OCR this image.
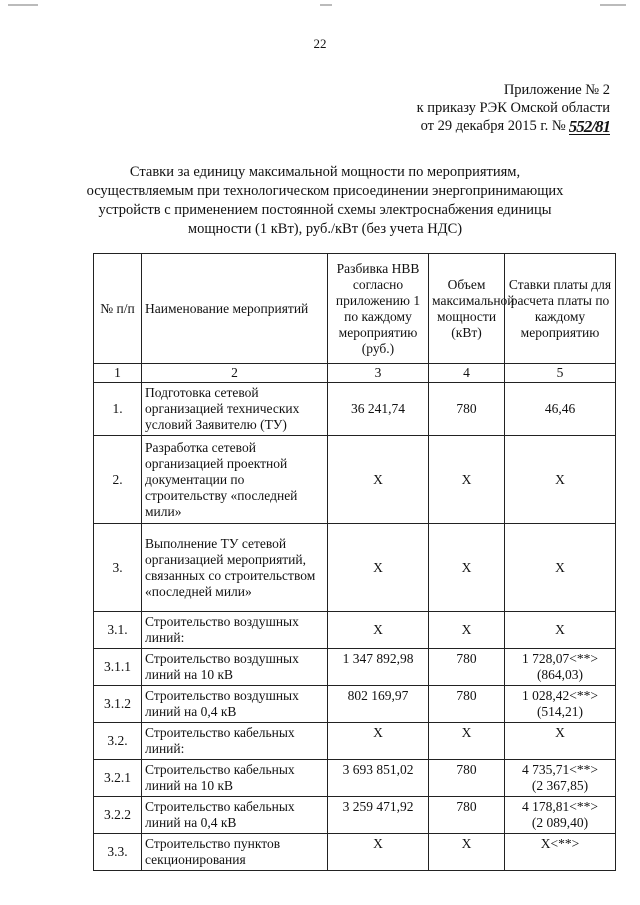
22
Приложение № 2
к приказу РЭК Омской области
от 29 декабря 2015 г. № 552/81
Ставки за единицу максимальной мощности по мероприятиям, осуществляемым при технологическом присоединении энергопринимающих устройств с применением постоянной схемы электроснабжения единицы мощности (1 кВт), руб./кВт (без учета НДС)
№ п/п	Наименование мероприятий	Разбивка НВВ согласно приложению 1 по каждому мероприятию (руб.)	Объем максимальной мощности (кВт)	Ставки платы для расчета платы по каждому мероприятию
1	2	3	4	5
1.	Подготовка сетевой организацией технических условий Заявителю (ТУ)	36 241,74	780	46,46

2.	Разработка сетевой организацией проектной документации по строительству «последней мили»	X	X	X

3.	Выполнение ТУ сетевой организацией мероприятий, связанных со строительством «последней мили»	X	X	X

3.1.	Строительство воздушных линий:	X	X	X

3.1.1	Строительство воздушных линий на 10 кВ	1 347 892,98	780	1 728,07<**>
(864,03)

3.1.2	Строительство воздушных линий на 0,4 кВ	802 169,97	780	1 028,42<**>
(514,21)

3.2.	Строительство кабельных линий:	X	X	X

3.2.1	Строительство кабельных линий на 10 кВ	3 693 851,02	780	4 735,71<**>
(2 367,85)

3.2.2	Строительство кабельных линий на 0,4 кВ	3 259 471,92	780	4 178,81<**>
(2 089,40)

3.3.	Строительство пунктов секционирования	X	X	X<**>
